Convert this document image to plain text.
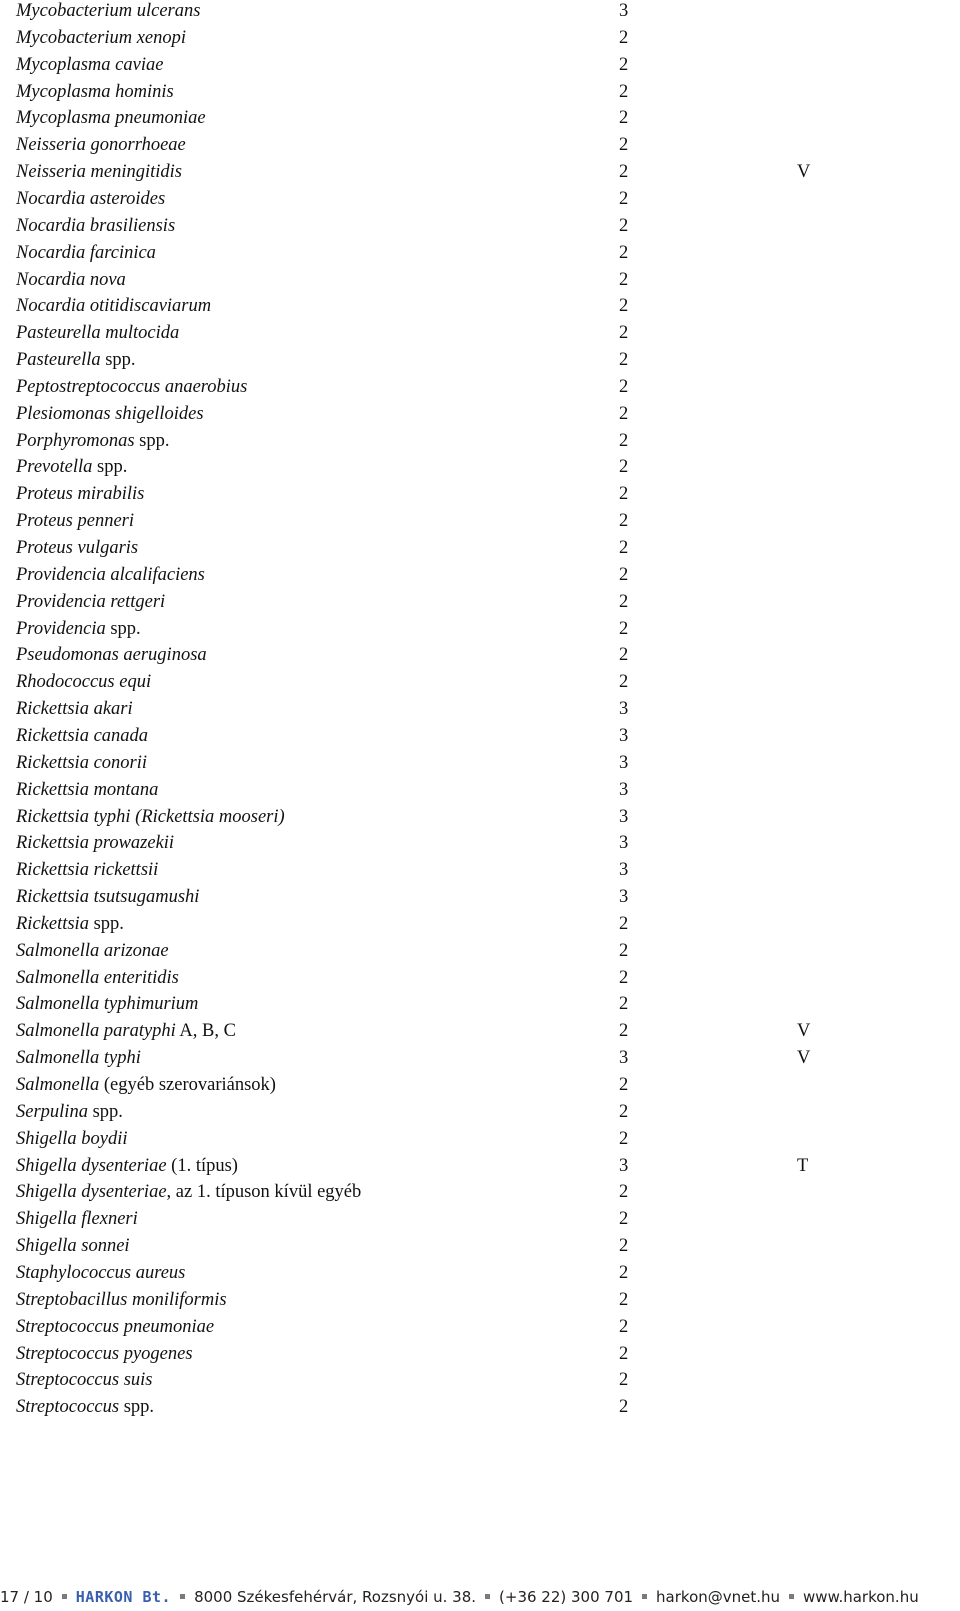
Mycobacterium ulcerans	3
Mycobacterium xenopi	2
Mycoplasma caviae	2
Mycoplasma hominis	2
Mycoplasma pneumoniae	2
Neisseria gonorrhoeae	2
Neisseria meningitidis	2	V
Nocardia asteroides	2
Nocardia brasiliensis	2
Nocardia farcinica	2
Nocardia nova	2
Nocardia otitidiscaviarum	2
Pasteurella multocida	2
Pasteurella spp.	2
Peptostreptococcus anaerobius	2
Plesiomonas shigelloides	2
Porphyromonas spp.	2
Prevotella spp.	2
Proteus mirabilis	2
Proteus penneri	2
Proteus vulgaris	2
Providencia alcalifaciens	2
Providencia rettgeri	2
Providencia spp.	2
Pseudomonas aeruginosa	2
Rhodococcus equi	2
Rickettsia akari	3
Rickettsia canada	3
Rickettsia conorii	3
Rickettsia montana	3
Rickettsia typhi (Rickettsia mooseri)	3
Rickettsia prowazekii	3
Rickettsia rickettsii	3
Rickettsia tsutsugamushi	3
Rickettsia spp.	2
Salmonella arizonae	2
Salmonella enteritidis	2
Salmonella typhimurium	2
Salmonella paratyphi A, B, C	2	V
Salmonella typhi	3	V
Salmonella (egyéb szerovariánsok)	2
Serpulina spp.	2
Shigella boydii	2
Shigella dysenteriae (1. típus)	3	T
Shigella dysenteriae, az 1. típuson kívül egyéb	2
Shigella flexneri	2
Shigella sonnei	2
Staphylococcus aureus	2
Streptobacillus moniliformis	2
Streptococcus pneumoniae	2
Streptococcus pyogenes	2
Streptococcus suis	2
Streptococcus spp.	2
17 / 10 HARKON Bt. 8000 Székesfehérvár, Rozsnyói u. 38. (+36 22) 300 701 harkon@vnet.hu www.harkon.hu
